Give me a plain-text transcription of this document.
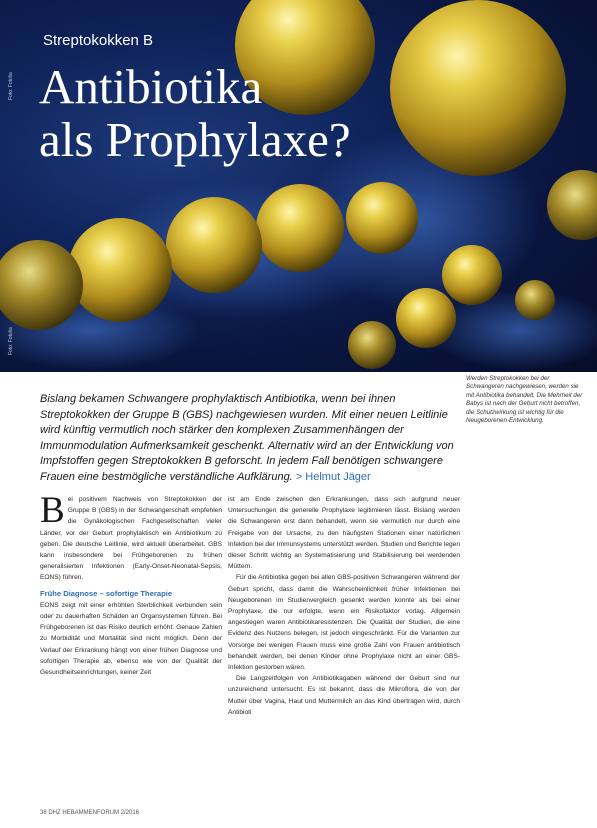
Foto: Fotolia
Foto: Fotolia
Streptokokken B
Antibiotika
als Prophylaxe?
Werden Streptokokken bei der Schwangeren nachgewiesen, werden sie mit Antibiotika behandelt. Die Mehrheit der Babys ist nach der Geburt nicht betroffen, die Schutzwirkung ist wichtig für die Neugeborenen-Entwicklung.

Bislang bekamen Schwangere prophylaktisch Antibiotika, wenn bei ihnen Streptokokken der Gruppe B (GBS) nachgewiesen wurden. Mit einer neuen Leitlinie wird künftig vermutlich noch stärker den komplexen Zusammenhängen der Immunmodulation Aufmerksamkeit geschenkt. Alternativ wird an der Entwicklung von Impfstoffen gegen Streptokokken B geforscht. In jedem Fall benötigen schwangere Frauen eine bestmögliche verständliche Aufklärung. > Helmut Jäger

B ei positivem Nachweis von Streptokokken der Gruppe B (GBS) in der Schwangerschaft empfehlen die Gynäkologischen Fachgesellschaften vieler Länder, vor der Geburt prophylaktisch ein Antibiotikum zu geben. Die deutsche Leitlinie, wird aktuell überarbeitet. GBS kann insbesondere bei Frühgeborenen zu frühen generalisierten Infektionen (Early-Onset-Neonatal-Sepsis, EONS) führen.

Frühe Diagnose – sofortige Therapie

EONS zeigt mit einer erhöhten Sterblichkeit verbunden sein oder zu dauerhaften Schäden an Organsystemen führen. Bei Frühgeborenen ist das Risiko deutlich erhöht. Genaue Zahlen zu Morbidität und Mortalität sind nicht möglich. Denn der Verlauf der Erkrankung hängt von einer frühen Diagnose und sofortigen Therapie ab, ebenso wie von der Qualität der Gesundheitseinrichtungen, keiner Zeit

ist am Ende zwischen den Erkrankungen, dass sich aufgrund neuer Untersuchungen die generelle Prophylaxe legitimieren lässt. Bislang werden die Schwangeren erst dann behandelt, wenn sie vermutlich nur durch eine Freigabe von der Ursache, zu den häufigsten Stationen einer natürlichen Infektion bei der Immunsystems unterstützt werden. Studien und Berichte legen dieser Schritt wichtig an Systematisierung und Stabilisierung bei werdenden Müttern.

Für die Antibiotika gegen bei allen GBS-positiven Schwangeren während der Geburt spricht, dass damit die Wahrscheinlichkeit früher Infektionen bei Neugeborenen im Studienvergleich gesenkt werden konnte als bei einer Prophylaxe, die nur erfolgte, wenn ein Risikofaktor vorlag. Allgemein angestiegen waren Antibiotikaresistenzen. Die Qualität der Studien, die eine Evidenz des Nutzens belegen, ist jedoch eingeschränkt. Für die Varianten zur Vorsorge bei wenigen Frauen muss eine große Zahl von Frauen antibiotisch behandelt werden, bei denen Kinder ohne Prophylaxe nicht an einer GBS-Infektion gestorben wären.

Die Langzeitfolgen von Antibiotikagaben während der Geburt sind nur unzureichend untersucht. Es ist bekannt, dass die Mikroflora, die von der Mutter über Vagina, Haut und Muttermilch an das Kind übertragen wird, durch Antibioti

38 DHZ HEBAMMENFORUM 2/2016
